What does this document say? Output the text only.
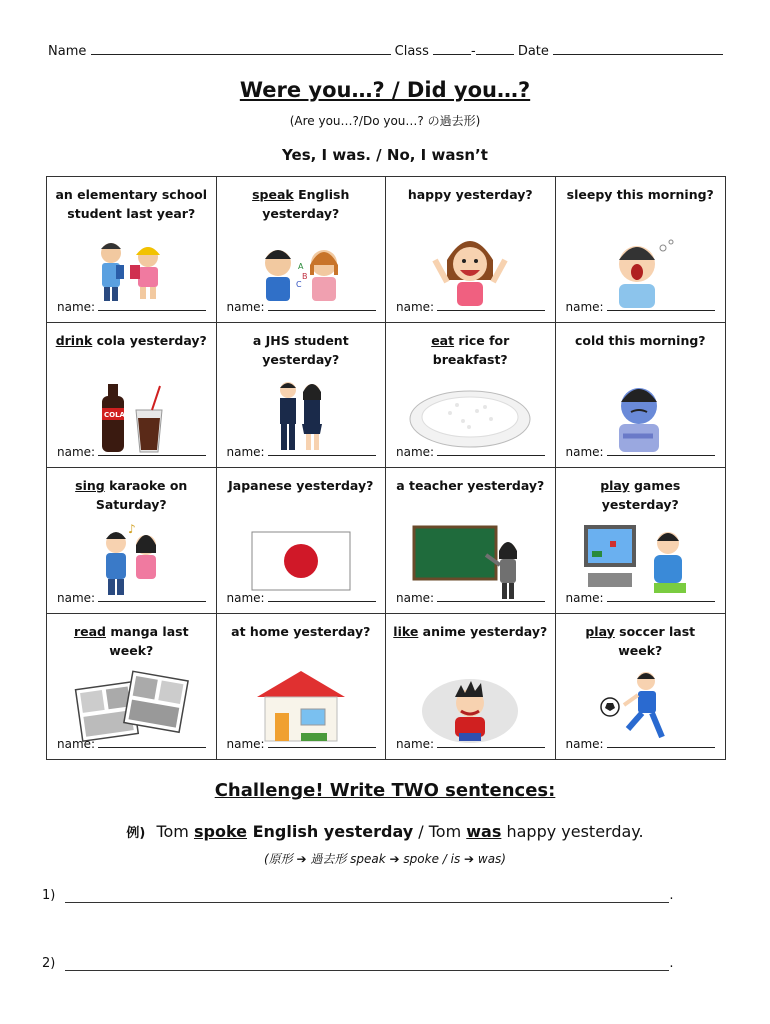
Name	Class	-	Date
Were you…? / Did you…?
(Are you…?/Do you…? の過去形)
Yes, I was. / No, I wasn’t
an elementary school student last year?
name:
speak English yesterday?
A
B
C
name:
happy yesterday?
name:
sleepy this morning?
name:
drink cola yesterday?
COLA
name:
a JHS student yesterday?
name:
eat rice for breakfast?
name:
cold this morning?
name:
sing karaoke on Saturday?
♪
name:
Japanese yesterday?
name:
a teacher yesterday?
name:
play games yesterday?
name:
read manga last week?
name:
at home yesterday?
name:
like anime yesterday?
name:
play soccer last week?
name:
Challenge! Write TWO sentences:
例) Tom spoke English yesterday / Tom was happy yesterday.
(原形 ➔ 過去形 speak ➔ spoke / is ➔ was)
1)	.
2)	.
